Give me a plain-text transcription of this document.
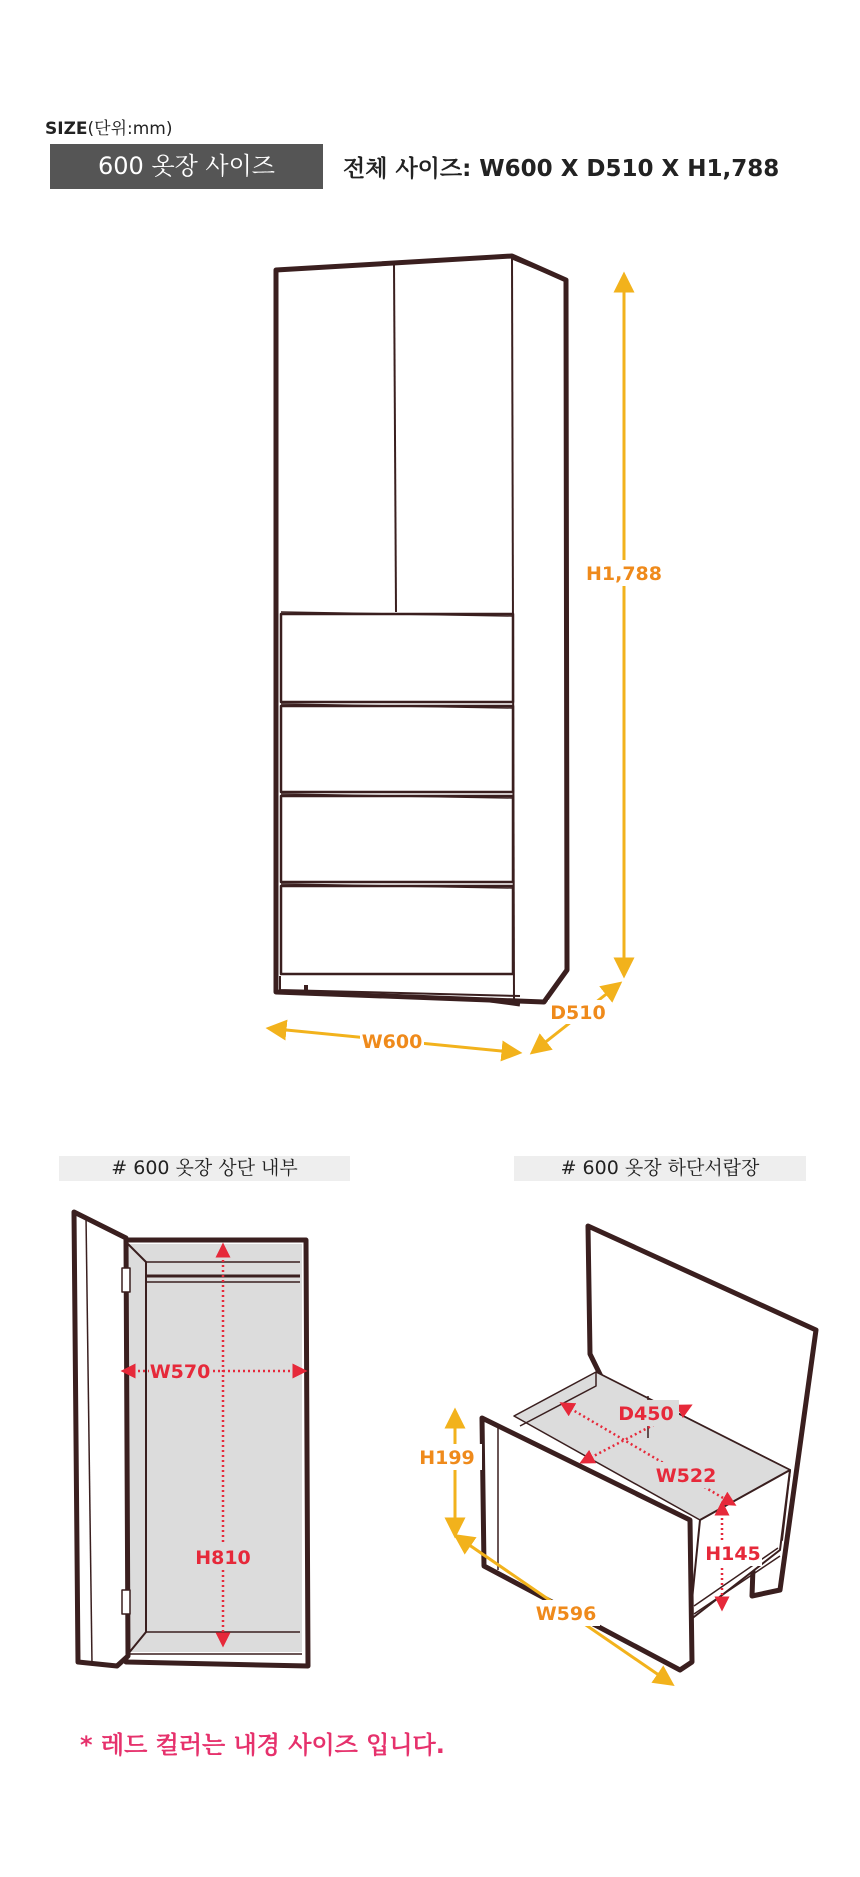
SIZE(단위:mm)
600 옷장 사이즈	전체 사이즈: W600 X D510 X H1,788
H1,788
W600
D510
W570
H810
H199
W596
D450
W522
H145
# 600 옷장 상단 내부	# 600 옷장 하단서랍장
* 레드 컬러는 내경 사이즈 입니다.
